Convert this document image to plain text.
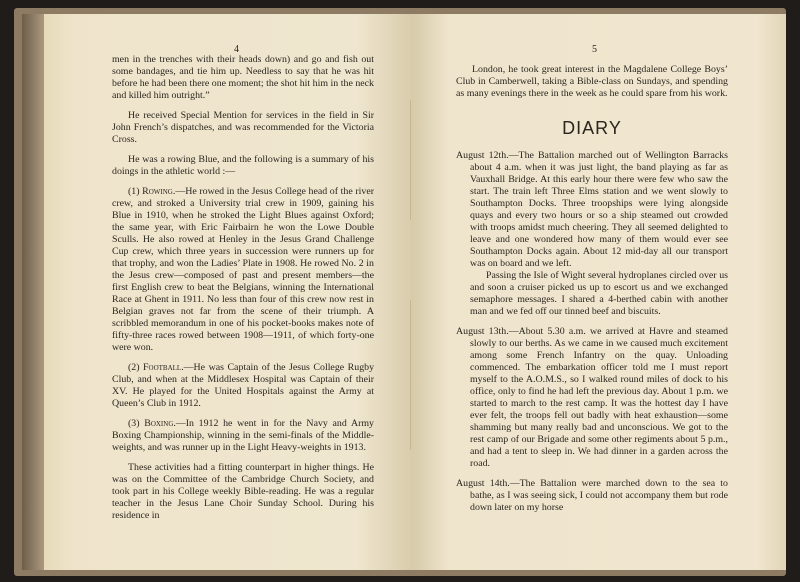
4

men in the trenches with their heads down) and go and fish out some bandages, and tie him up. Needless to say that he was hit before he had been there one moment; the shot hit him in the neck and killed him outright.”

He received Special Mention for services in the field in Sir John French’s dispatches, and was recommended for the Victoria Cross.

He was a rowing Blue, and the following is a summary of his doings in the athletic world :—

(1) Rowing.—He rowed in the Jesus College head of the river crew, and stroked a University trial crew in 1909, gaining his Blue in 1910, when he stroked the Light Blues against Oxford; the same year, with Eric Fairbairn he won the Lowe Double Sculls. He also rowed at Henley in the Jesus Grand Challenge Cup crew, which three years in succession were runners up for that trophy, and won the Ladies’ Plate in 1908. He rowed No. 2 in the Jesus crew—composed of past and present members—the first English crew to beat the Belgians, winning the International Race at Ghent in 1911. No less than four of this crew now rest in Belgian graves not far from the scene of their triumph. A scribbled memorandum in one of his pocket-books makes note of fifty-three races rowed between 1908—1911, of which forty-one were won.

(2) Football.—He was Captain of the Jesus College Rugby Club, and when at the Middlesex Hospital was Captain of their XV. He played for the United Hospitals against the Army at Queen’s Club in 1912.

(3) Boxing.—In 1912 he went in for the Navy and Army Boxing Championship, winning in the semi-finals of the Middle-weights, and was runner up in the Light Heavy-weights in 1913.

These activities had a fitting counterpart in higher things. He was on the Committee of the Cambridge Church Society, and took part in his College weekly Bible-reading. He was a regular teacher in the Jesus Lane Choir Sunday School. During his residence in

5

London, he took great interest in the Magdalene College Boys’ Club in Camberwell, taking a Bible-class on Sundays, and spending as many evenings there in the week as he could spare from his work.

DIARY

August 12th.—The Battalion marched out of Wellington Barracks about 4 a.m. when it was just light, the band playing as far as Vauxhall Bridge. At this early hour there were few who saw the start. The train left Three Elms station and we went slowly to Southampton Docks. Three troopships were lying alongside quays and every two hours or so a ship steamed out crowded with troops amidst much cheering. They all seemed delighted to leave and one wondered how many of them would ever see Southampton Docks again. About 12 mid-day all our transport was on board and we left.

Passing the Isle of Wight several hydroplanes circled over us and soon a cruiser picked us up to escort us and we exchanged semaphore messages. I shared a 4-berthed cabin with another man and we fed off our tinned beef and biscuits.

August 13th.—About 5.30 a.m. we arrived at Havre and steamed slowly to our berths. As we came in we caused much excitement among some French Infantry on the quay. Unloading commenced. The embarkation officer told me I must report myself to the A.O.M.S., so I walked round miles of dock to his office, only to find he had left the previous day. About 1 p.m. we started to march to the rest camp. It was the hottest day I have ever felt, the troops fell out badly with heat exhaustion—some shamming but many really bad and unconscious. We got to the rest camp of our Brigade and some other regiments about 5 p.m., and had a tent to sleep in. We had dinner in a garden across the road.

August 14th.—The Battalion were marched down to the sea to bathe, as I was seeing sick, I could not accompany them but rode down later on my horse
